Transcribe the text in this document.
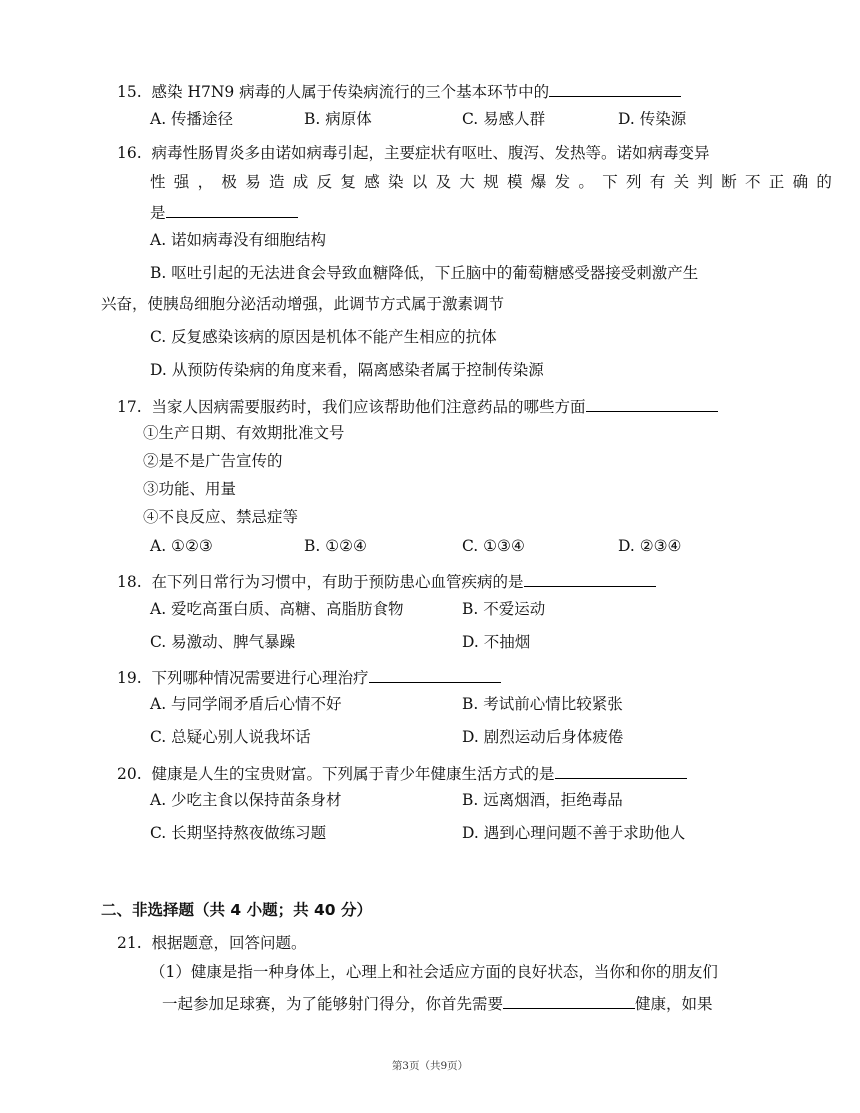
15. 感染 H7N9 病毒的人属于传染病流行的三个基本环节中的
A. 传播途径	B. 病原体	C. 易感人群	D. 传染源
16. 病毒性肠胃炎多由诺如病毒引起，主要症状有呕吐、腹泻、发热等。诺如病毒变异
性强，极易造成反复感染以及大规模爆发。下列有关判断不正确的
是
A. 诺如病毒没有细胞结构
B. 呕吐引起的无法进食会导致血糖降低，下丘脑中的葡萄糖感受器接受刺激产生
兴奋，使胰岛细胞分泌活动增强，此调节方式属于激素调节
C. 反复感染该病的原因是机体不能产生相应的抗体
D. 从预防传染病的角度来看，隔离感染者属于控制传染源
17. 当家人因病需要服药时，我们应该帮助他们注意药品的哪些方面
①生产日期、有效期批准文号
②是不是广告宣传的
③功能、用量
④不良反应、禁忌症等
A. ①②③	B. ①②④	C. ①③④	D. ②③④
18. 在下列日常行为习惯中，有助于预防患心血管疾病的是
A. 爱吃高蛋白质、高糖、高脂肪食物	B. 不爱运动
C. 易激动、脾气暴躁	D. 不抽烟
19. 下列哪种情况需要进行心理治疗
A. 与同学闹矛盾后心情不好	B. 考试前心情比较紧张
C. 总疑心别人说我坏话	D. 剧烈运动后身体疲倦
20. 健康是人生的宝贵财富。下列属于青少年健康生活方式的是
A. 少吃主食以保持苗条身材	B. 远离烟酒，拒绝毒品
C. 长期坚持熬夜做练习题	D. 遇到心理问题不善于求助他人
二、非选择题（共 4 小题；共 40 分）
21. 根据题意，回答问题。
（1）健康是指一种身体上，心理上和社会适应方面的良好状态，当你和你的朋友们
一起参加足球赛，为了能够射门得分，你首先需要	健康，如果
第3页（共9页）
